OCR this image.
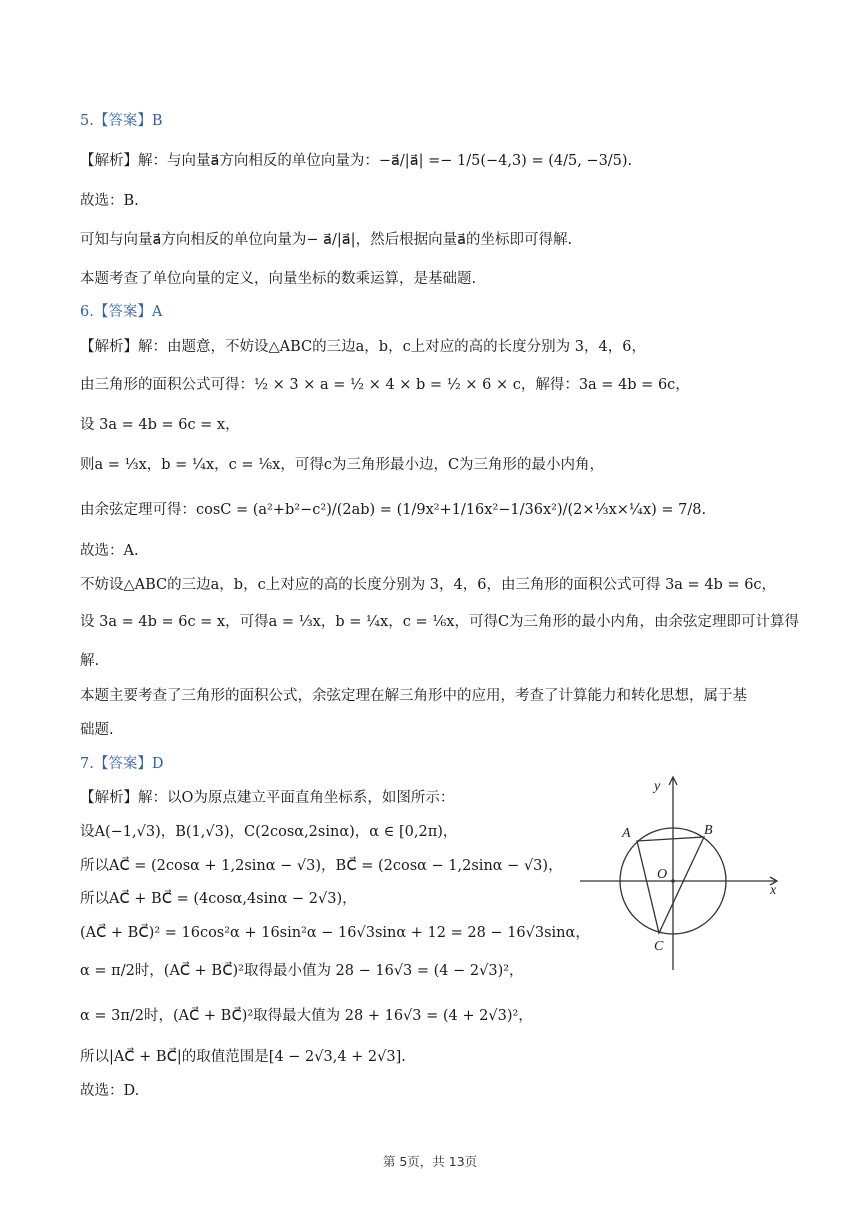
5.【答案】B
【解析】解：与向量a⃗方向相反的单位向量为：−a⃗/|a⃗| =− 1/5(−4,3) = (4/5, −3/5).
故选：B.
可知与向量a⃗方向相反的单位向量为− a⃗/|a⃗|，然后根据向量a⃗的坐标即可得解.
本题考查了单位向量的定义，向量坐标的数乘运算，是基础题.
6.【答案】A
【解析】解：由题意，不妨设△ABC的三边a，b，c上对应的高的长度分别为 3，4，6，
由三角形的面积公式可得：½ × 3 × a = ½ × 4 × b = ½ × 6 × c，解得：3a = 4b = 6c，
设 3a = 4b = 6c = x，
则a = ⅓x，b = ¼x，c = ⅙x，可得c为三角形最小边，C为三角形的最小内角，
由余弦定理可得：cosC = (a²+b²−c²)/(2ab) = (1/9x²+1/16x²−1/36x²)/(2×⅓x×¼x) = 7/8.
故选：A.
不妨设△ABC的三边a，b，c上对应的高的长度分别为 3，4，6，由三角形的面积公式可得 3a = 4b = 6c，
设 3a = 4b = 6c = x，可得a = ⅓x，b = ¼x，c = ⅙x，可得C为三角形的最小内角，由余弦定理即可计算得
解.
本题主要考查了三角形的面积公式，余弦定理在解三角形中的应用，考查了计算能力和转化思想，属于基
础题.
7.【答案】D
【解析】解：以O为原点建立平面直角坐标系，如图所示：
设A(−1,√3)，B(1,√3)，C(2cosα,2sinα)，α ∈ [0,2π)，
所以AC⃗ = (2cosα + 1,2sinα − √3)，BC⃗ = (2cosα − 1,2sinα − √3)，
所以AC⃗ + BC⃗ = (4cosα,4sinα − 2√3)，
(AC⃗ + BC⃗)² = 16cos²α + 16sin²α − 16√3sinα + 12 = 28 − 16√3sinα，
α = π/2时，(AC⃗ + BC⃗)²取得最小值为 28 − 16√3 = (4 − 2√3)²，
α = 3π/2时，(AC⃗ + BC⃗)²取得最大值为 28 + 16√3 = (4 + 2√3)²，
所以|AC⃗ + BC⃗|的取值范围是[4 − 2√3,4 + 2√3].
故选：D.
y
x
O
A	B
C
第 5页，共 13页
